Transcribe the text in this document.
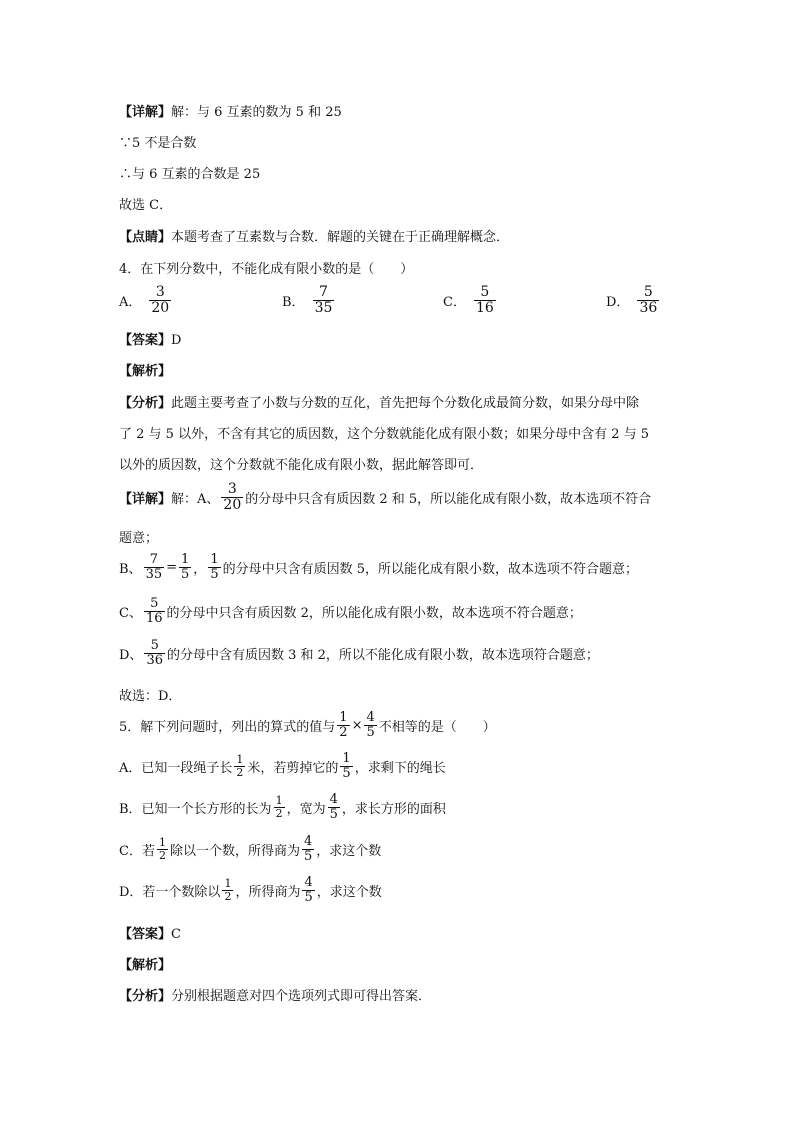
【详解】解：与 6 互素的数为 5 和 25
∵5 不是合数
∴与 6 互素的合数是 25
故选 C．
【点睛】本题考查了互素数与合数．解题的关键在于正确理解概念．
4．在下列分数中，不能化成有限小数的是（　　）
A． $\frac{3}{20}$	B． $\frac{7}{35}$	C． $\frac{5}{16}$	D． $\frac{5}{36}$
【答案】D
【解析】
【分析】此题主要考查了小数与分数的互化，首先把每个分数化成最简分数，如果分母中除
了 2 与 5 以外，不含有其它的质因数，这个分数就能化成有限小数；如果分母中含有 2 与 5
以外的质因数，这个分数就不能化成有限小数，据此解答即可．
【详解】 解：A、 $\frac{3}{20}$ 的分母中只含有质因数 2 和 5，所以能化成有限小数，故本选项不符合
题意；
B、 $\frac{7}{35} = \frac{1}{5}$ ， $\frac{1}{5}$ 的分母中只含有质因数 5，所以能化成有限小数，故本选项不符合题意；
C、 $\frac{5}{16}$ 的分母中只含有质因数 2，所以能化成有限小数，故本选项不符合题意；
D、 $\frac{5}{36}$ 的分母中含有质因数 3 和 2，所以不能化成有限小数，故本选项符合题意；
故选：D．
5．解下列问题时，列出的算式的值与 $\frac{1}{2} \times \frac{4}{5}$ 不相等的是（　　）
A．已知一段绳子长 $\frac{1}{2}$ 米，若剪掉它的 $\frac{1}{5}$ ，求剩下的绳长
B．已知一个长方形的长为 $\frac{1}{2}$ ，宽为 $\frac{4}{5}$ ，求长方形的面积
C．若 $\frac{1}{2}$ 除以一个数，所得商为 $\frac{4}{5}$ ，求这个数
D．若一个数除以 $\frac{1}{2}$ ，所得商为 $\frac{4}{5}$ ，求这个数
【答案】C
【解析】
【分析】分别根据题意对四个选项列式即可得出答案．
